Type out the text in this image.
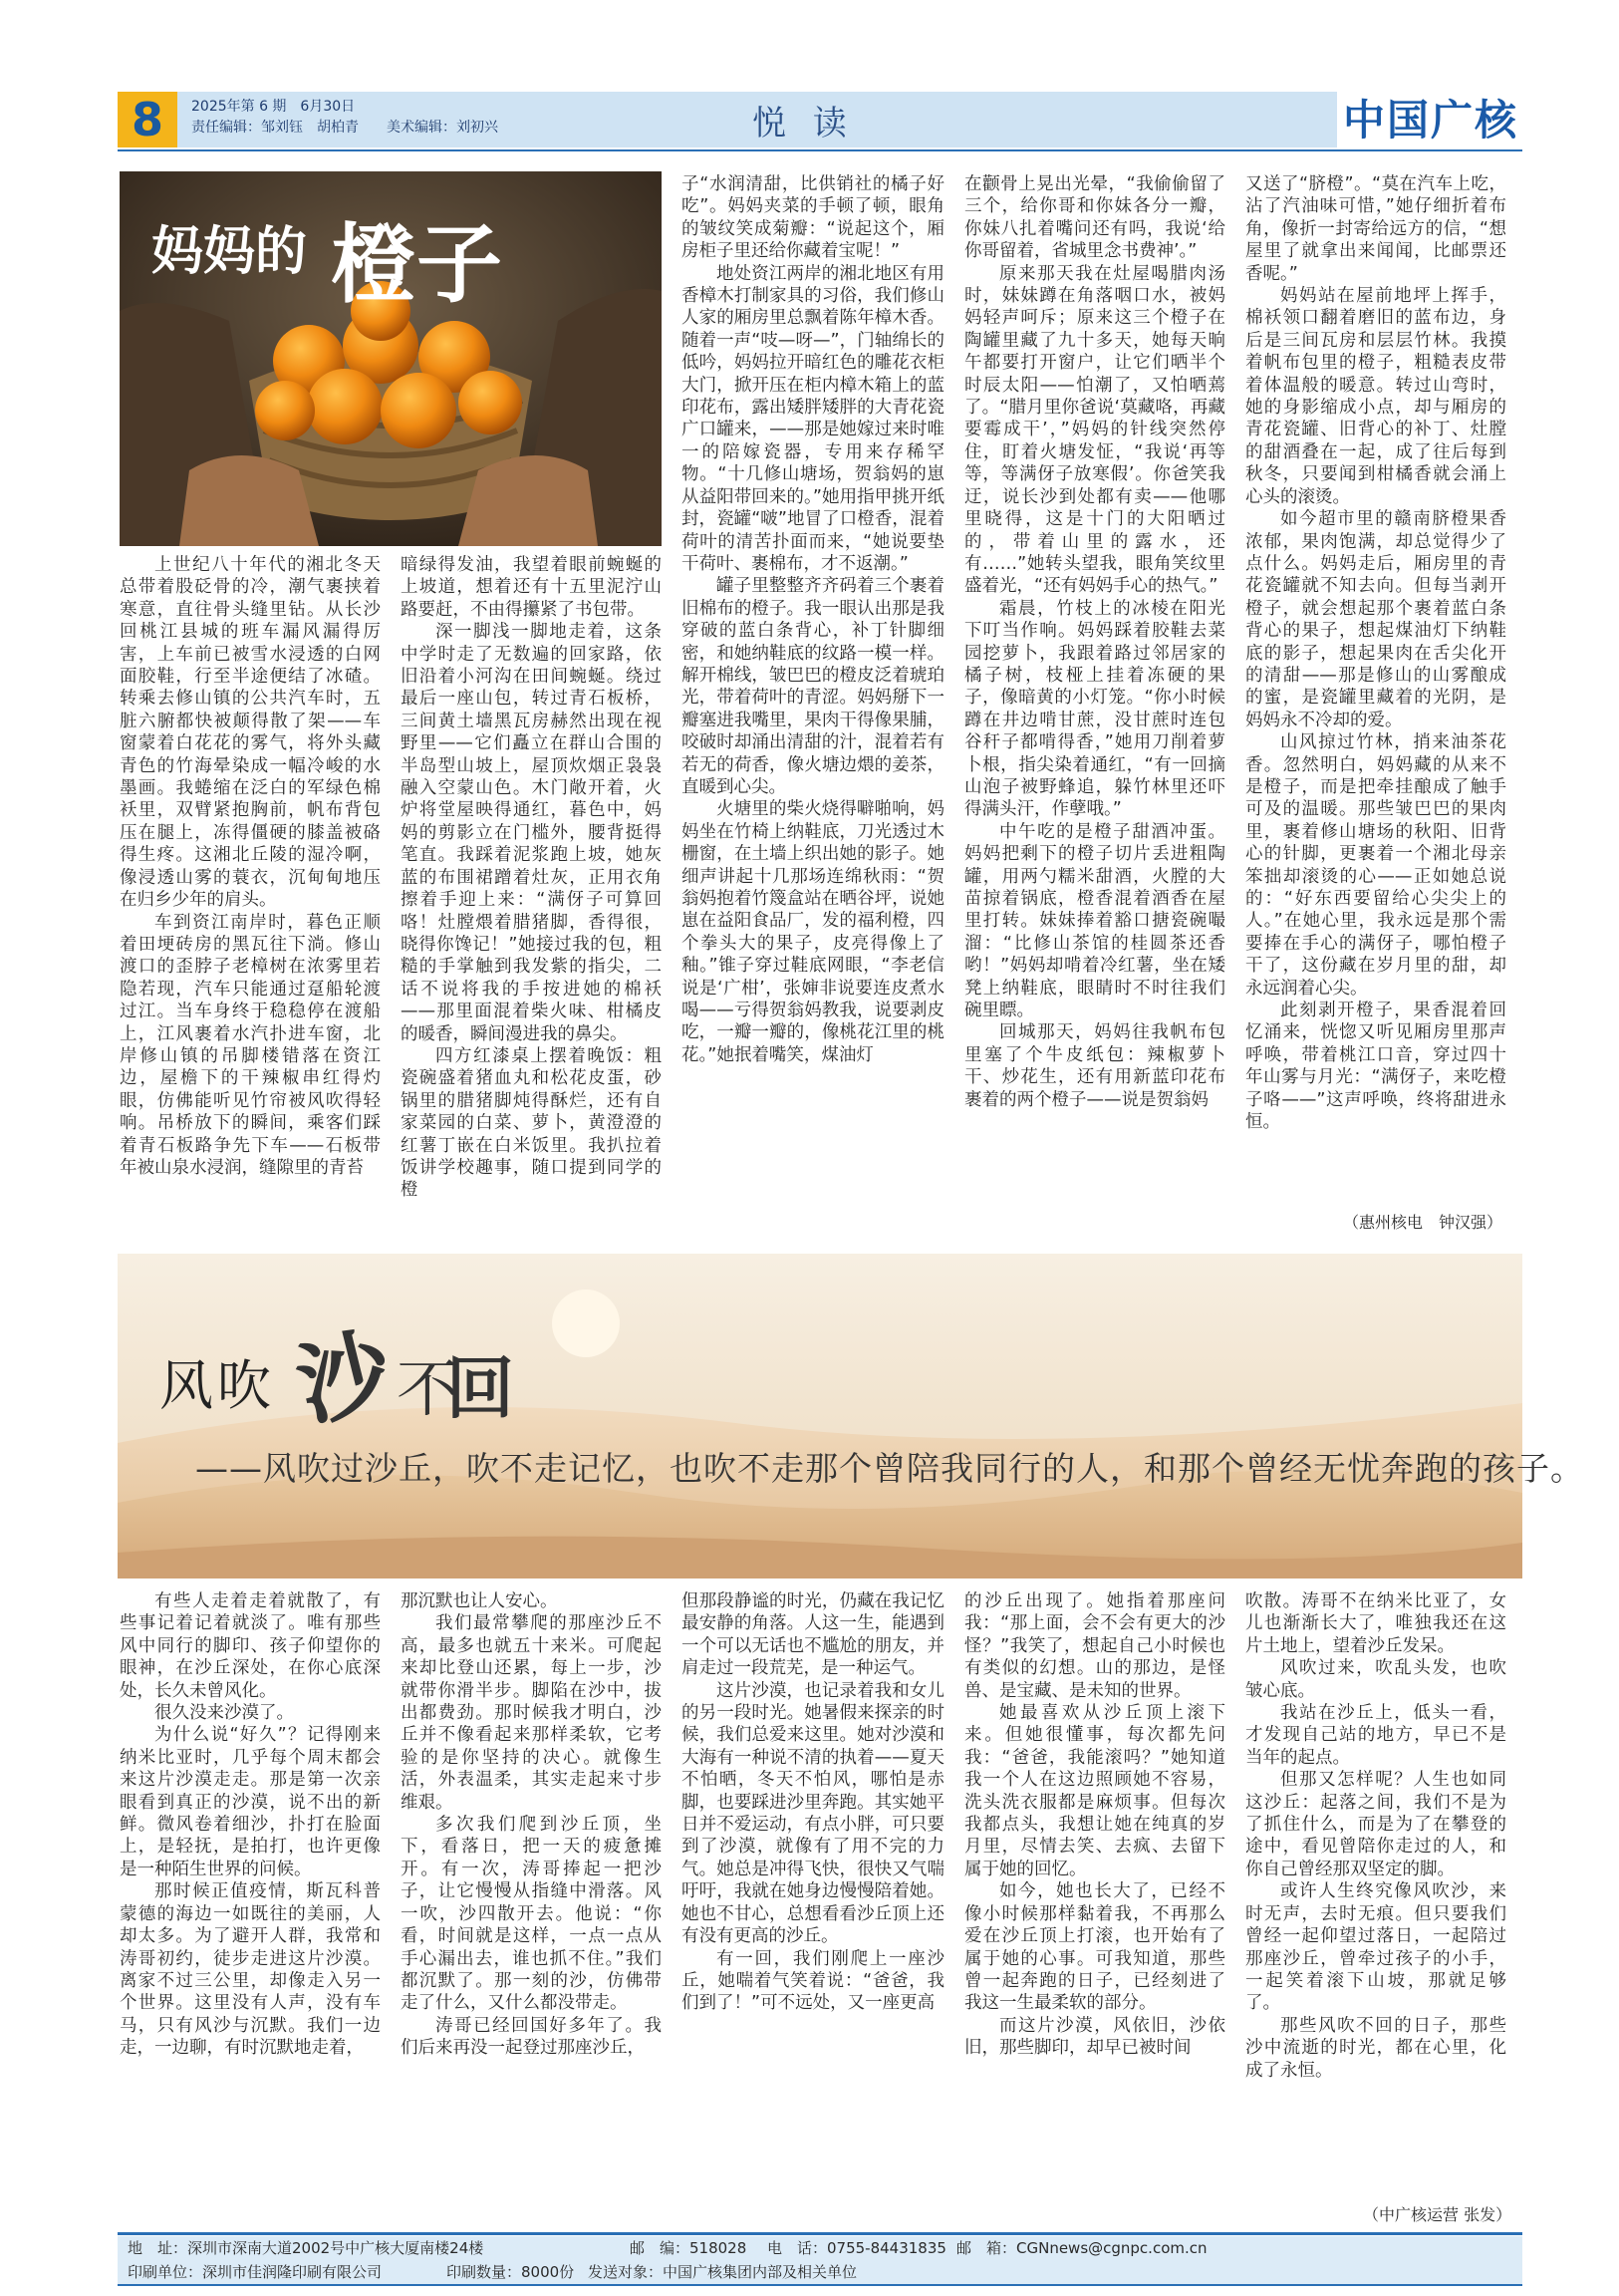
8	2025年第 6 期　6月30日
责任编辑：邹刘钰　胡柏青　　美术编辑：刘初兴	悦 读	中国广核
妈妈的 橙子

上世纪八十年代的湘北冬天总带着股砭骨的冷，潮气裹挟着寒意，直往骨头缝里钻。从长沙回桃江县城的班车漏风漏得厉害，上车前已被雪水浸透的白网面胶鞋，行至半途便结了冰碴。转乘去修山镇的公共汽车时，五脏六腑都快被颠得散了架——车窗蒙着白花花的雾气，将外头藏青色的竹海晕染成一幅冷峻的水墨画。我蜷缩在泛白的军绿色棉袄里，双臂紧抱胸前，帆布背包压在腿上，冻得僵硬的膝盖被硌得生疼。这湘北丘陵的湿冷啊，像浸透山雾的蓑衣，沉甸甸地压在归乡少年的肩头。

车到资江南岸时，暮色正顺着田埂砖房的黑瓦往下淌。修山渡口的歪脖子老樟树在浓雾里若隐若现，汽车只能通过趸船轮渡过江。当车身终于稳稳停在渡船上，江风裹着水汽扑进车窗，北岸修山镇的吊脚楼错落在资江边，屋檐下的干辣椒串红得灼眼，仿佛能听见竹帘被风吹得轻响。吊桥放下的瞬间，乘客们踩着青石板路争先下车——石板带年被山泉水浸润，缝隙里的青苔

暗绿得发油，我望着眼前蜿蜒的上坡道，想着还有十五里泥泞山路要赶，不由得攥紧了书包带。

深一脚浅一脚地走着，这条中学时走了无数遍的回家路，依旧沿着小河沟在田间蜿蜒。绕过最后一座山包，转过青石板桥，三间黄土墙黑瓦房赫然出现在视野里——它们矗立在群山合围的半岛型山坡上，屋顶炊烟正袅袅融入空蒙山色。木门敞开着，火炉将堂屋映得通红，暮色中，妈妈的剪影立在门槛外，腰背挺得笔直。我踩着泥浆跑上坡，她灰蓝的布围裙蹭着灶灰，正用衣角擦着手迎上来：“满伢子可算回咯！灶膛煨着腊猪脚，香得很，晓得你馋记！”她接过我的包，粗糙的手掌触到我发紫的指尖，二话不说将我的手按进她的棉袄——那里面混着柴火味、柑橘皮的暖香，瞬间漫进我的鼻尖。

四方红漆桌上摆着晚饭：粗瓷碗盛着猪血丸和松花皮蛋，砂锅里的腊猪脚炖得酥烂，还有自家菜园的白菜、萝卜，黄澄澄的红薯丁嵌在白米饭里。我扒拉着饭讲学校趣事，随口提到同学的橙

子“水润清甜，比供销社的橘子好吃”。妈妈夹菜的手顿了顿，眼角的皱纹笑成菊瓣：“说起这个，厢房柜子里还给你藏着宝呢！”

地处资江两岸的湘北地区有用香樟木打制家具的习俗，我们修山人家的厢房里总飘着陈年樟木香。随着一声“吱—呀—”，门轴绵长的低吟，妈妈拉开暗红色的雕花衣柜大门，掀开压在柜内樟木箱上的蓝印花布，露出矮胖矮胖的大青花瓷广口罐来，——那是她嫁过来时唯一的陪嫁瓷器，专用来存稀罕物。“十几修山塘场，贺翁妈的崽从益阳带回来的。”她用指甲挑开纸封，瓷罐“啵”地冒了口橙香，混着荷叶的清苦扑面而来，“她说要垫干荷叶、裹棉布，才不返潮。”

罐子里整整齐齐码着三个裹着旧棉布的橙子。我一眼认出那是我穿破的蓝白条背心，补丁针脚细密，和她纳鞋底的纹路一模一样。解开棉线，皱巴巴的橙皮泛着琥珀光，带着荷叶的青涩。妈妈掰下一瓣塞进我嘴里，果肉干得像果脯，咬破时却涌出清甜的汁，混着若有若无的荷香，像火塘边煨的姜茶，直暖到心尖。

火塘里的柴火烧得噼啪响，妈妈坐在竹椅上纳鞋底，刀光透过木栅窗，在土墙上织出她的影子。她细声讲起十几那场连绵秋雨：“贺翁妈抱着竹篾盒站在晒谷坪，说她崽在益阳食品厂，发的福利橙，四个拳头大的果子，皮亮得像上了釉。”锥子穿过鞋底网眼，“李老信说是‘广柑’，张婶非说要连皮煮水喝——亏得贺翁妈教我，说要剥皮吃，一瓣一瓣的，像桃花江里的桃花。”她抿着嘴笑，煤油灯

在颧骨上晃出光晕，“我偷偷留了三个，给你哥和你妹各分一瓣，你妹八扎着嘴问还有吗，我说‘给你哥留着，省城里念书费神’。”

原来那天我在灶屋喝腊肉汤时，妹妹蹲在角落咽口水，被妈妈轻声呵斥；原来这三个橙子在陶罐里藏了九十多天，她每天晌午都要打开窗户，让它们晒半个时辰太阳——怕潮了，又怕晒蔫了。“腊月里你爸说‘莫藏咯，再藏要霉成干’，”妈妈的针线突然停住，盯着火塘发怔，“我说‘再等等，等满伢子放寒假’。你爸笑我迂，说长沙到处都有卖——他哪里晓得，这是十门的大阳晒过的，带着山里的露水，还有……”她转头望我，眼角笑纹里盛着光，“还有妈妈手心的热气。”

霜晨，竹枝上的冰棱在阳光下叮当作响。妈妈踩着胶鞋去菜园挖萝卜，我跟着路过邻居家的橘子树，枝桠上挂着冻硬的果子，像暗黄的小灯笼。“你小时候蹲在井边啃甘蔗，没甘蔗时连包谷秆子都啃得香，”她用刀削着萝卜根，指尖染着通红，“有一回摘山泡子被野蜂追，躲竹林里还吓得满头汗，作孽哦。”

中午吃的是橙子甜酒冲蛋。妈妈把剩下的橙子切片丢进粗陶罐，用两勺糯米甜酒，火膛的大苗掠着锅底，橙香混着酒香在屋里打转。妹妹捧着豁口搪瓷碗嘬溜：“比修山茶馆的桂圆茶还香哟！”妈妈却啃着冷红薯，坐在矮凳上纳鞋底，眼睛时不时往我们碗里瞟。

回城那天，妈妈往我帆布包里塞了个牛皮纸包：辣椒萝卜干、炒花生，还有用新蓝印花布裹着的两个橙子——说是贺翁妈

又送了“脐橙”。“莫在汽车上吃，沾了汽油味可惜，”她仔细折着布角，像折一封寄给远方的信，“想屋里了就拿出来闻闻，比邮票还香呢。”

妈妈站在屋前地坪上挥手，棉袄领口翻着磨旧的蓝布边，身后是三间瓦房和层层竹林。我摸着帆布包里的橙子，粗糙表皮带着体温般的暖意。转过山弯时，她的身影缩成小点，却与厢房的青花瓷罐、旧背心的补丁、灶膛的甜酒叠在一起，成了往后每到秋冬，只要闻到柑橘香就会涌上心头的滚烫。

如今超市里的赣南脐橙果香浓郁，果肉饱满，却总觉得少了点什么。妈妈走后，厢房里的青花瓷罐就不知去向。但每当剥开橙子，就会想起那个裹着蓝白条背心的果子，想起煤油灯下纳鞋底的影子，想起果肉在舌尖化开的清甜——那是修山的山雾酿成的蜜，是瓷罐里藏着的光阴，是妈妈永不冷却的爱。

山风掠过竹林，捎来油茶花香。忽然明白，妈妈藏的从来不是橙子，而是把牵挂酿成了触手可及的温暖。那些皱巴巴的果肉里，裹着修山塘场的秋阳、旧背心的针脚，更裹着一个湘北母亲笨拙却滚烫的心——正如她总说的：“好东西要留给心尖尖上的人。”在她心里，我永远是那个需要捧在手心的满伢子，哪怕橙子干了，这份藏在岁月里的甜，却永远润着心尖。

此刻剥开橙子，果香混着回忆涌来，恍惚又听见厢房里那声呼唤，带着桃江口音，穿过四十年山雾与月光：“满伢子，来吃橙子咯——”这声呼唤，终将甜进永恒。

（惠州核电　钟汉强）
风吹 沙
不
回
——风吹过沙丘，吹不走记忆，也吹不走那个曾陪我同行的人，和那个曾经无忧奔跑的孩子。

有些人走着走着就散了，有些事记着记着就淡了。唯有那些风中同行的脚印、孩子仰望你的眼神，在沙丘深处，在你心底深处，长久未曾风化。

很久没来沙漠了。

为什么说“好久”？记得刚来纳米比亚时，几乎每个周末都会来这片沙漠走走。那是第一次亲眼看到真正的沙漠，说不出的新鲜。微风卷着细沙，扑打在脸面上，是轻抚，是拍打，也许更像是一种陌生世界的问候。

那时候正值疫情，斯瓦科普蒙德的海边一如既往的美丽，人却太多。为了避开人群，我常和涛哥初约，徒步走进这片沙漠。离家不过三公里，却像走入另一个世界。这里没有人声，没有车马，只有风沙与沉默。我们一边走，一边聊，有时沉默地走着，

那沉默也让人安心。

我们最常攀爬的那座沙丘不高，最多也就五十来米。可爬起来却比登山还累，每上一步，沙就带你滑半步。脚陷在沙中，拔出都费劲。那时候我才明白，沙丘并不像看起来那样柔软，它考验的是你坚持的决心。就像生活，外表温柔，其实走起来寸步维艰。

多次我们爬到沙丘顶，坐下，看落日，把一天的疲惫摊开。有一次，涛哥捧起一把沙子，让它慢慢从指缝中滑落。风一吹，沙四散开去。他说：“你看，时间就是这样，一点一点从手心漏出去，谁也抓不住。”我们都沉默了。那一刻的沙，仿佛带走了什么，又什么都没带走。

涛哥已经回国好多年了。我们后来再没一起登过那座沙丘，

但那段静谧的时光，仍藏在我记忆最安静的角落。人这一生，能遇到一个可以无话也不尴尬的朋友，并肩走过一段荒芜，是一种运气。

这片沙漠，也记录着我和女儿的另一段时光。她暑假来探亲的时候，我们总爱来这里。她对沙漠和大海有一种说不清的执着——夏天不怕晒，冬天不怕风，哪怕是赤脚，也要踩进沙里奔跑。其实她平日并不爱运动，有点小胖，可只要到了沙漠，就像有了用不完的力气。她总是冲得飞快，很快又气喘吁吁，我就在她身边慢慢陪着她。她也不甘心，总想看看沙丘顶上还有没有更高的沙丘。

有一回，我们刚爬上一座沙丘，她喘着气笑着说：“爸爸，我们到了！”可不远处，又一座更高

的沙丘出现了。她指着那座问我：“那上面，会不会有更大的沙怪？”我笑了，想起自己小时候也有类似的幻想。山的那边，是怪兽、是宝藏、是未知的世界。

她最喜欢从沙丘顶上滚下来。但她很懂事，每次都先问我：“爸爸，我能滚吗？”她知道我一个人在这边照顾她不容易，洗头洗衣服都是麻烦事。但每次我都点头，我想让她在纯真的岁月里，尽情去笑、去疯、去留下属于她的回忆。

如今，她也长大了，已经不像小时候那样黏着我，不再那么爱在沙丘顶上打滚，也开始有了属于她的心事。可我知道，那些曾一起奔跑的日子，已经刻进了我这一生最柔软的部分。

而这片沙漠，风依旧，沙依旧，那些脚印，却早已被时间

吹散。涛哥不在纳米比亚了，女儿也渐渐长大了，唯独我还在这片土地上，望着沙丘发呆。

风吹过来，吹乱头发，也吹皱心底。

我站在沙丘上，低头一看，才发现自己站的地方，早已不是当年的起点。

但那又怎样呢？人生也如同这沙丘：起落之间，我们不是为了抓住什么，而是为了在攀登的途中，看见曾陪你走过的人，和你自己曾经那双坚定的脚。

或许人生终究像风吹沙，来时无声，去时无痕。但只要我们曾经一起仰望过落日，一起陪过那座沙丘，曾牵过孩子的小手，一起笑着滚下山坡，那就足够了。

那些风吹不回的日子，那些沙中流逝的时光，都在心里，化成了永恒。

（中广核运营 张发）
地　址：深圳市深南大道2002号中广核大厦南楼24楼	邮　编：518028 电　话：0755-84431835 邮　箱：CGNnews@cgnpc.com.cn
印刷单位：深圳市佳润隆印刷有限公司	印刷数量：8000份 发送对象：中国广核集团内部及相关单位
